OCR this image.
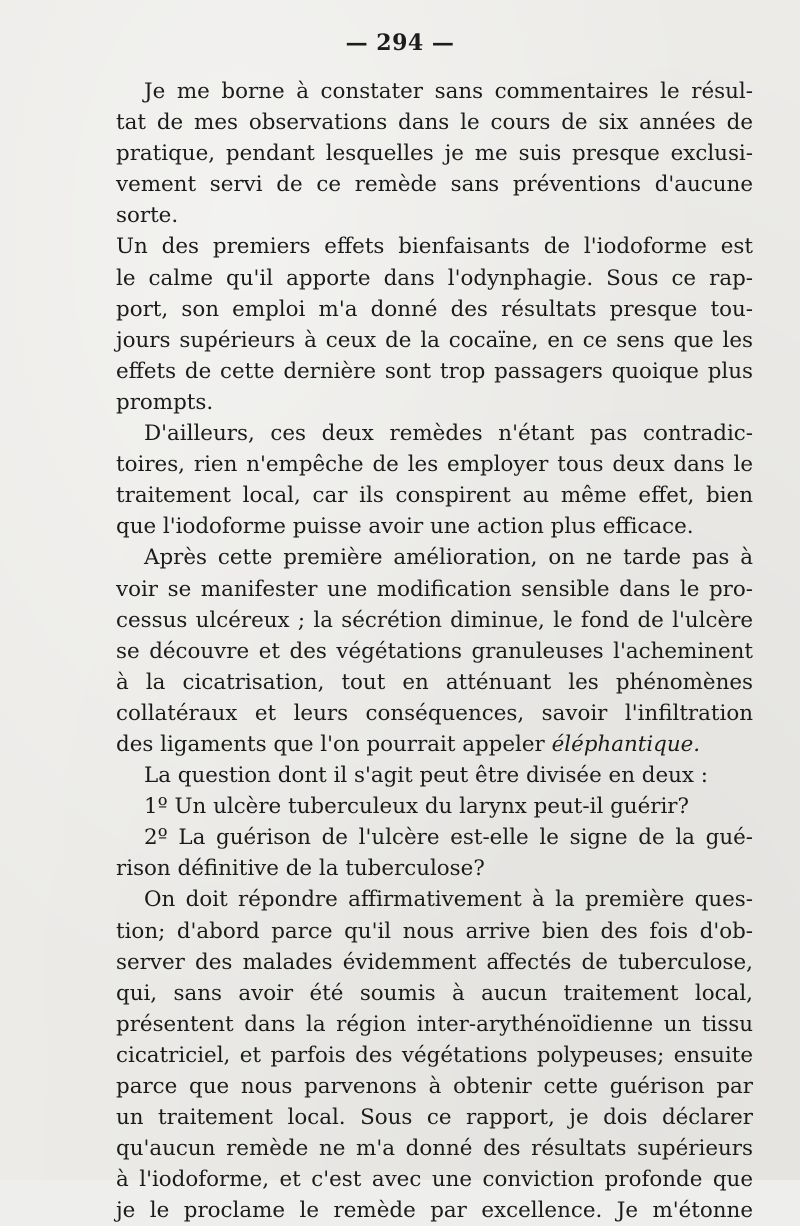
— 294 —
Je me borne à constater sans commentaires le résul-
tat de mes observations dans le cours de six années de
pratique, pendant lesquelles je me suis presque exclusi-
vement servi de ce remède sans préventions d'aucune
sorte.
Un des premiers effets bienfaisants de l'iodoforme est
le calme qu'il apporte dans l'odynphagie. Sous ce rap-
port, son emploi m'a donné des résultats presque tou-
jours supérieurs à ceux de la cocaïne, en ce sens que les
effets de cette dernière sont trop passagers quoique plus
prompts.
D'ailleurs, ces deux remèdes n'étant pas contradic-
toires, rien n'empêche de les employer tous deux dans le
traitement local, car ils conspirent au même effet, bien
que l'iodoforme puisse avoir une action plus efficace.
Après cette première amélioration, on ne tarde pas à
voir se manifester une modification sensible dans le pro-
cessus ulcéreux ; la sécrétion diminue, le fond de l'ulcère
se découvre et des végétations granuleuses l'acheminent
à la cicatrisation, tout en atténuant les phénomènes
collatéraux et leurs conséquences, savoir l'infiltration
des ligaments que l'on pourrait appeler éléphantique.
La question dont il s'agit peut être divisée en deux :
1º Un ulcère tuberculeux du larynx peut-il guérir?
2º La guérison de l'ulcère est-elle le signe de la gué-
rison définitive de la tuberculose?
On doit répondre affirmativement à la première ques-
tion; d'abord parce qu'il nous arrive bien des fois d'ob-
server des malades évidemment affectés de tuberculose,
qui, sans avoir été soumis à aucun traitement local,
présentent dans la région inter-arythénoïdienne un tissu
cicatriciel, et parfois des végétations polypeuses; ensuite
parce que nous parvenons à obtenir cette guérison par
un traitement local. Sous ce rapport, je dois déclarer
qu'aucun remède ne m'a donné des résultats supérieurs
à l'iodoforme, et c'est avec une conviction profonde que
je le proclame le remède par excellence. Je m'étonne
